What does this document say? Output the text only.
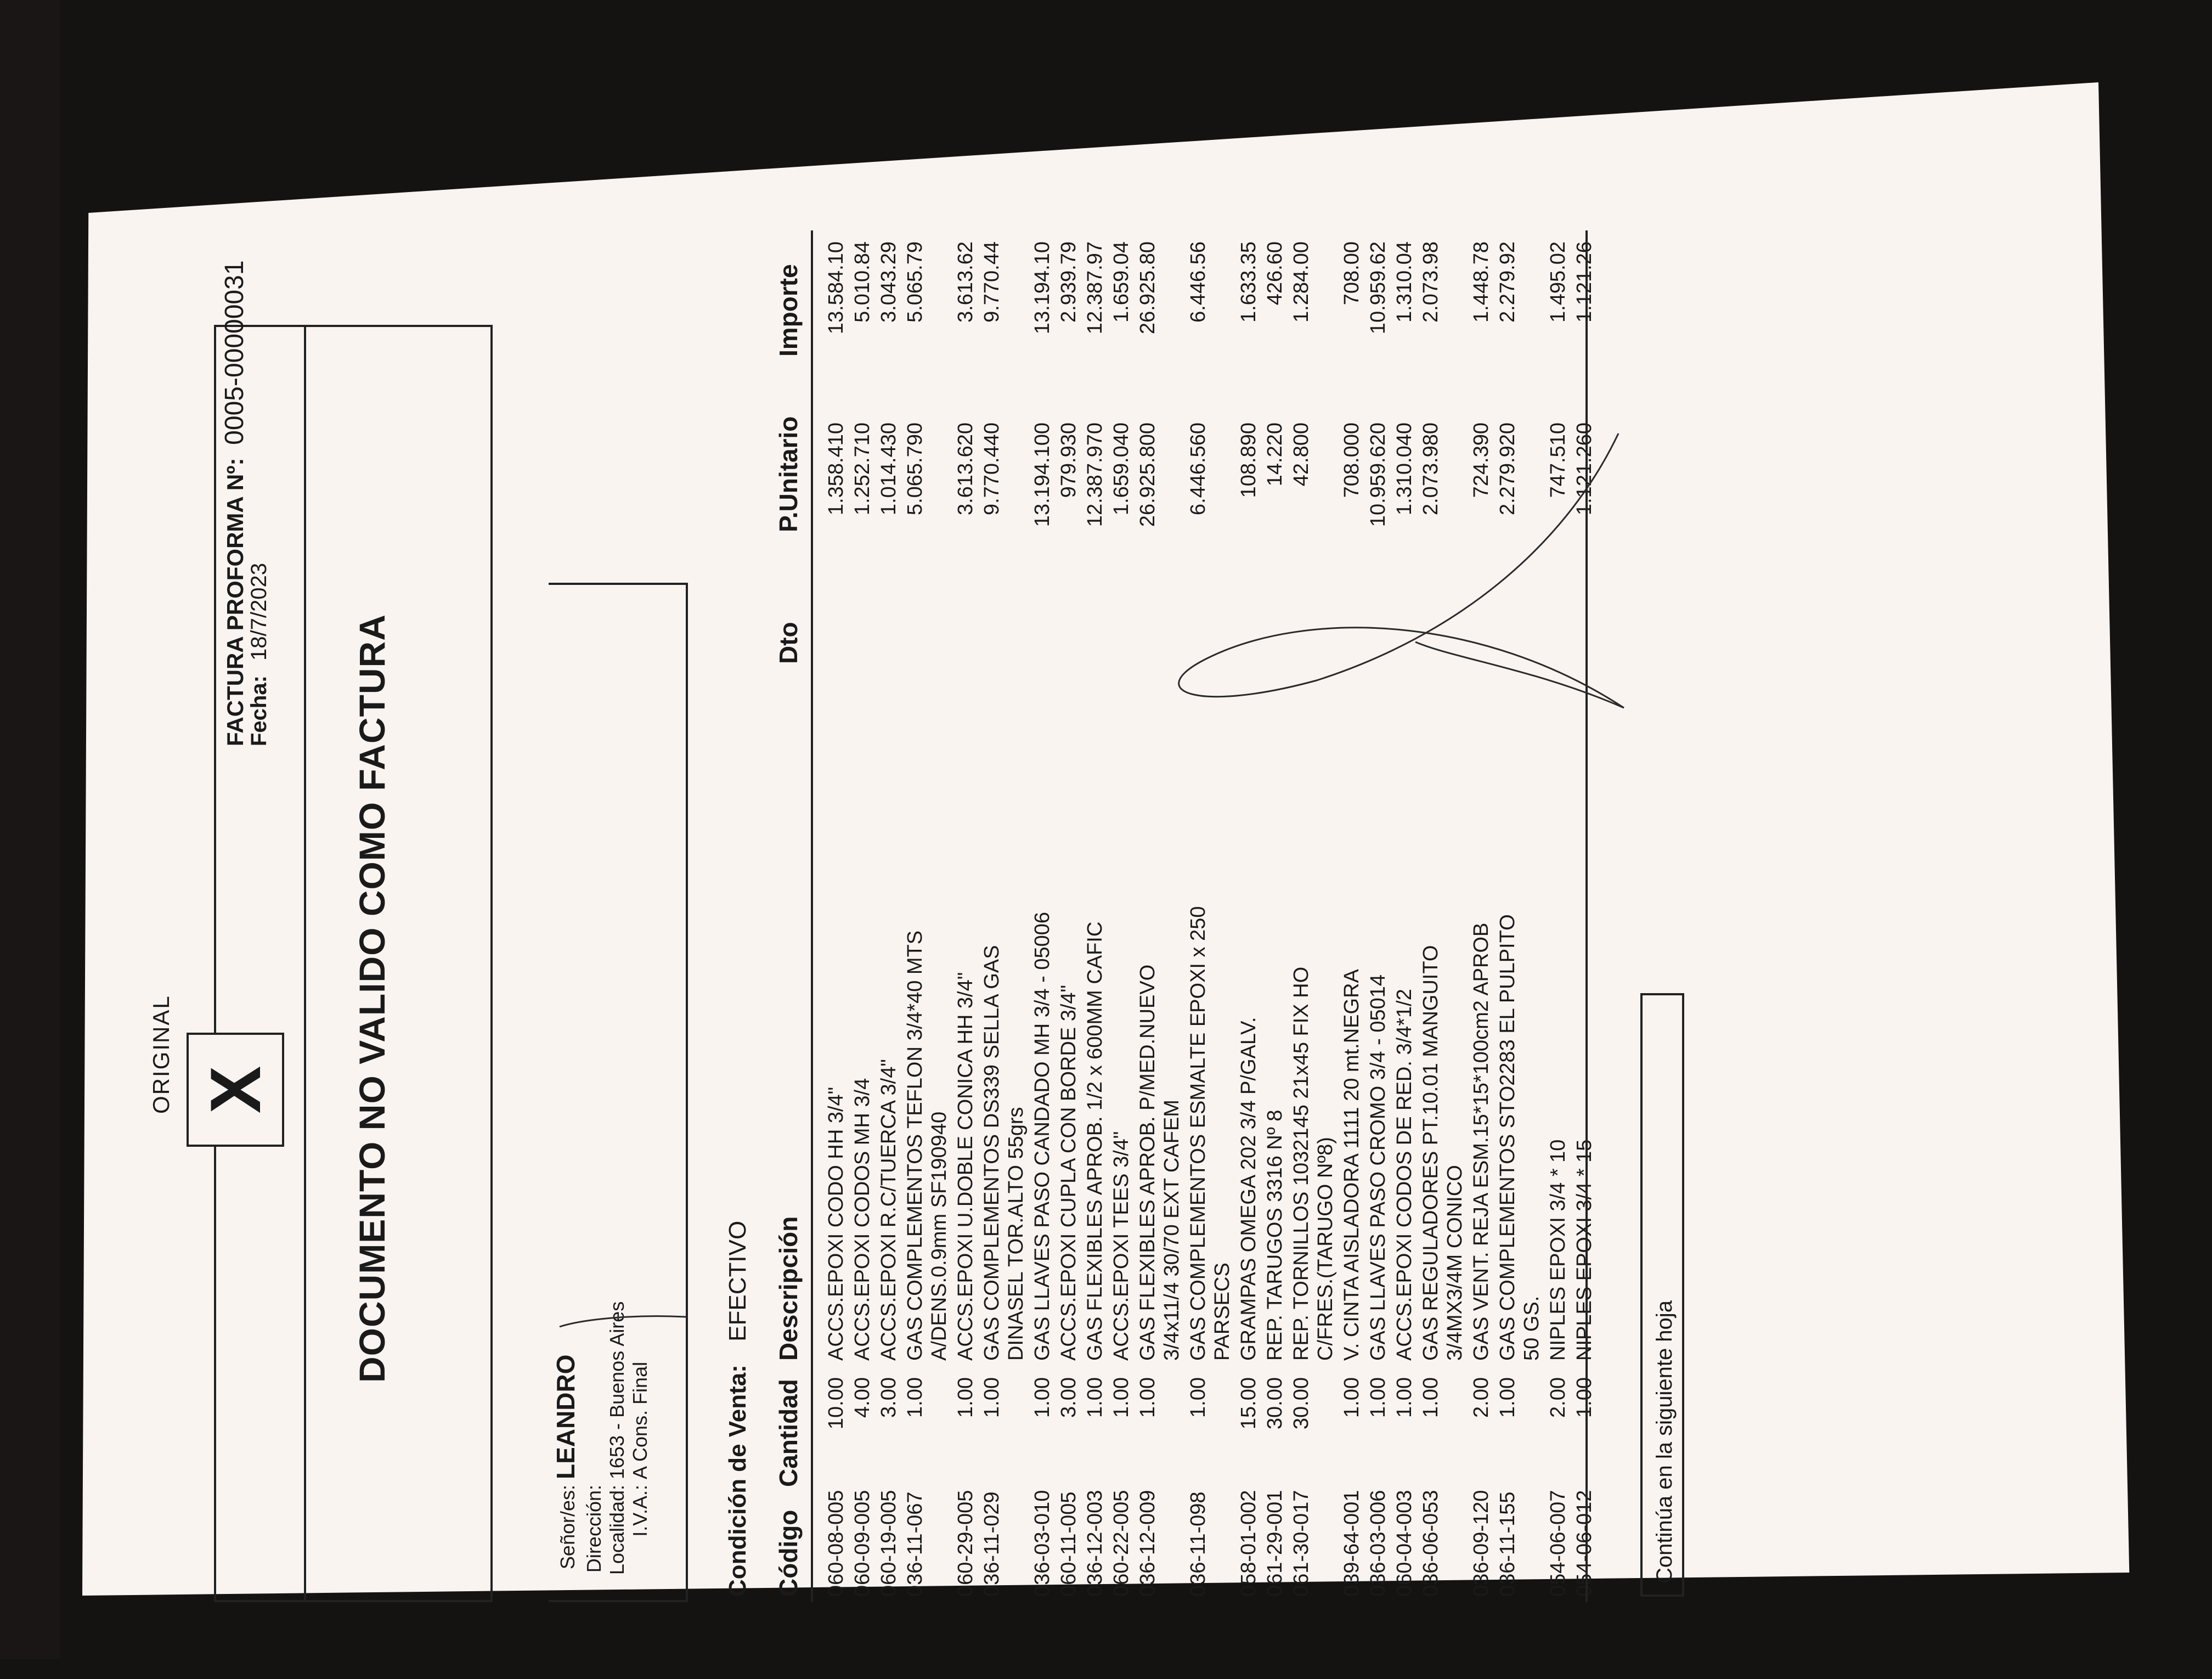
ORIGINAL X
FACTURA PROFORMA Nº: 0005-00000031
Fecha: 18/7/2023
DOCUMENTO NO VALIDO COMO FACTURA
Señor/es:LEANDRO
Dirección: Localidad:1653 - Buenos Aires
I.V.A.:A Cons. Final	Condición de Venta: EFECTIVO
Código
Cantidad
Descripción
Dto
P.Unitario
Importe
060-08-005
10.00
ACCS.EPOXI CODO HH 3/4"
1.358.410
13.584.10
060-09-005
4.00
ACCS.EPOXI CODOS MH 3/4
1.252.710
5.010.84
060-19-005
3.00
ACCS.EPOXI R.C/TUERCA 3/4"
1.014.430
3.043.29
036-11-067
1.00
GAS COMPLEMENTOS TEFLON 3/4*40 MTS A/DENS.0.9mm SF190940
5.065.790
5.065.79
060-29-005
1.00
ACCS.EPOXI U.DOBLE CONICA HH 3/4"
3.613.620
3.613.62
036-11-029
1.00
GAS COMPLEMENTOS DS339 SELLA GAS DINASEL TOR.ALTO 55grs
9.770.440
9.770.44
036-03-010
1.00
GAS LLAVES PASO CANDADO MH 3/4 - 05006
13.194.100
13.194.10
060-11-005
3.00
ACCS.EPOXI CUPLA CON BORDE 3/4"
979.930
2.939.79
036-12-003
1.00
GAS FLEXIBLES APROB. 1/2 x 600MM CAFIC
12.387.970
12.387.97
060-22-005
1.00
ACCS.EPOXI TEES 3/4"
1.659.040
1.659.04
036-12-009
1.00
GAS FLEXIBLES APROB. P/MED.NUEVO 3/4x11/4 30/70 EXT CAFEM
26.925.800
26.925.80
036-11-098
1.00
GAS COMPLEMENTOS ESMALTE EPOXI x 250 PARSECS
6.446.560
6.446.56
058-01-002
15.00
GRAMPAS OMEGA 202 3/4 P/GALV.
108.890
1.633.35
061-29-001
30.00
REP. TARUGOS 3316 Nº 8
14.220
426.60
061-30-017
30.00
REP. TORNILLOS 1032145 21x45 FIX HO C/FRES.(TARUGO Nº8)
42.800
1.284.00
039-64-001
1.00
V. CINTA AISLADORA 1111 20 mt.NEGRA
708.000
708.00
036-03-006
1.00
GAS LLAVES PASO CROMO 3/4 - 05014
10.959.620
10.959.62
060-04-003
1.00
ACCS.EPOXI CODOS DE RED. 3/4*1/2
1.310.040
1.310.04
036-06-053
1.00
GAS REGULADORES PT.10.01 MANGUITO 3/4MX3/4M CONICO
2.073.980
2.073.98
036-09-120
2.00
GAS VENT. REJA ESM.15*15*100cm2 APROB
724.390
1.448.78
036-11-155
1.00
GAS COMPLEMENTOS STO2283 EL PULPITO 50 GS.
2.279.920
2.279.92
054-06-007
2.00
NIPLES EPOXI 3/4 * 10
747.510
1.495.02
054-06-012
1.00
NIPLES EPOXI 3/4 * 15
1.121.260
1.121.26
Continúa en la siguiente hoja
